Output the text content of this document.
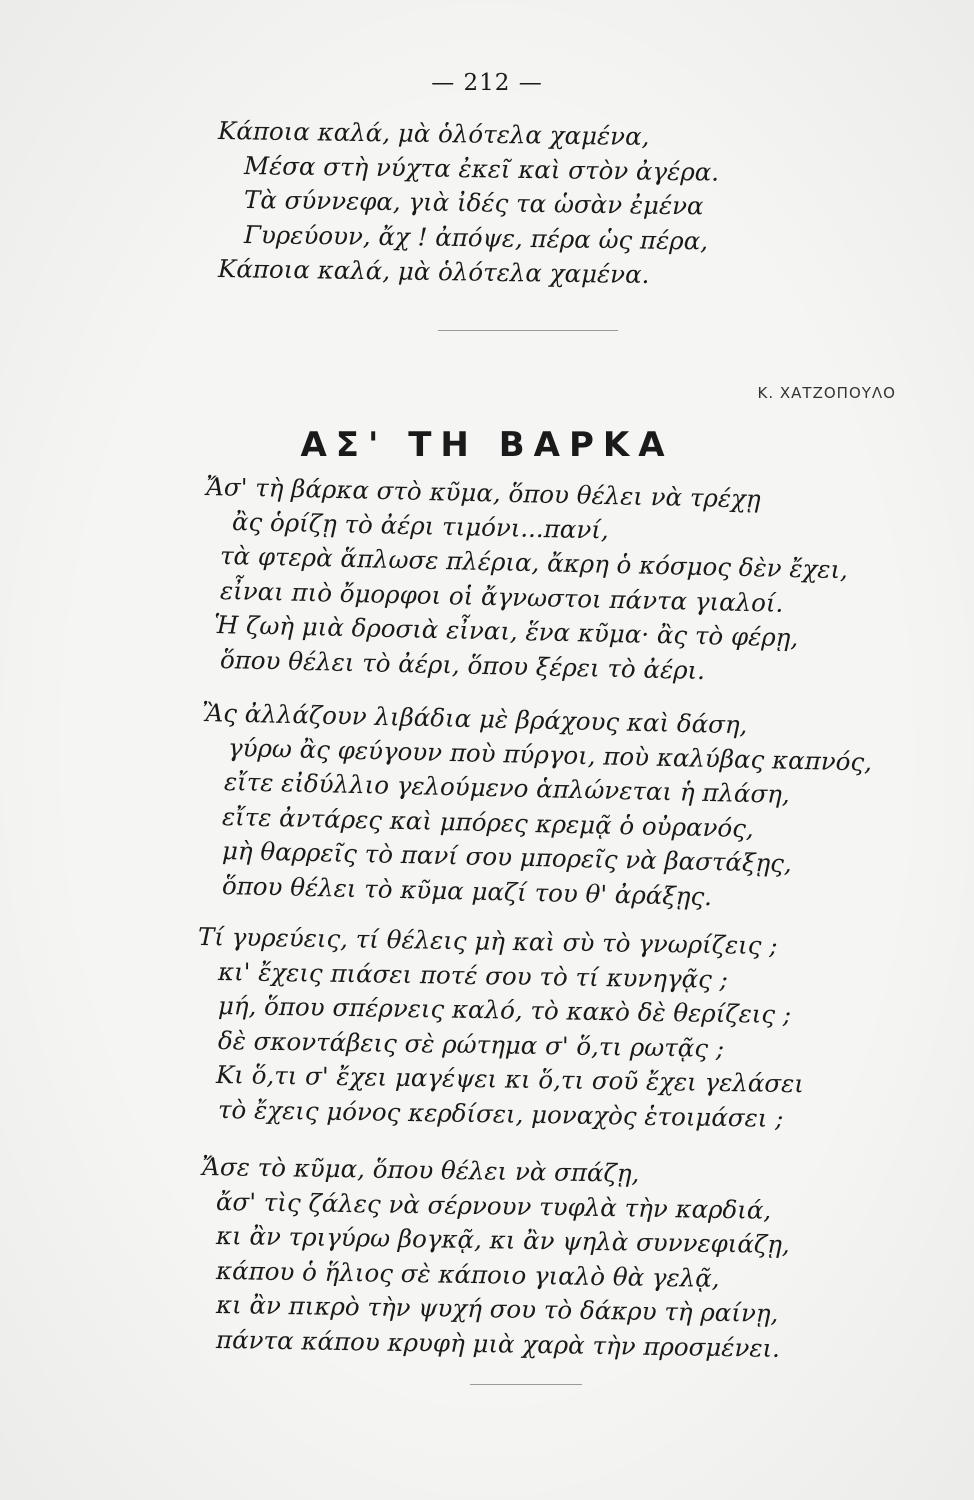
— 212 —
Κάποια καλά, μὰ ὁλότελα χαμένα,
Μέσα στὴ νύχτα ἐκεῖ καὶ στὸν ἀγέρα.
Τὰ σύννεφα, γιὰ ἰδές τα ὡσὰν ἐμένα
Γυρεύουν, ἄχ ! ἀπόψε, πέρα ὡς πέρα,
Κάποια καλά, μὰ ὁλότελα χαμένα.
Κ. ΧΑΤΖΟΠΟΥΛΟ
ΑΣ' ΤΗ ΒΑΡΚΑ
Ἄσ' τὴ βάρκα στὸ κῦμα, ὅπου θέλει νὰ τρέχῃ
ἂς ὁρίζῃ τὸ ἀέρι τιμόνι...πανί,
τὰ φτερὰ ἅπλωσε πλέρια, ἄκρη ὁ κόσμος δὲν ἔχει,
εἶναι πιὸ ὄμορφοι οἱ ἄγνωστοι πάντα γιαλοί.
Ἡ ζωὴ μιὰ δροσιὰ εἶναι, ἕνα κῦμα· ἂς τὸ φέρῃ,
ὅπου θέλει τὸ ἀέρι, ὅπου ξέρει τὸ ἀέρι.
Ἂς ἀλλάζουν λιβάδια μὲ βράχους καὶ δάση,
γύρω ἂς φεύγουν ποὺ πύργοι, ποὺ καλύβας καπνός,
εἴτε εἰδύλλιο γελούμενο ἁπλώνεται ἡ πλάση,
εἴτε ἀντάρες καὶ μπόρες κρεμᾷ ὁ οὐρανός,
μὴ θαρρεῖς τὸ πανί σου μπορεῖς νὰ βαστάξῃς,
ὅπου θέλει τὸ κῦμα μαζί του θ' ἀράξῃς.
Τί γυρεύεις, τί θέλεις μὴ καὶ σὺ τὸ γνωρίζεις ;
κι' ἔχεις πιάσει ποτέ σου τὸ τί κυνηγᾷς ;
μή, ὅπου σπέρνεις καλό, τὸ κακὸ δὲ θερίζεις ;
δὲ σκοντάβεις σὲ ρώτημα σ' ὅ,τι ρωτᾷς ;
Κι ὅ,τι σ' ἔχει μαγέψει κι ὅ,τι σοῦ ἔχει γελάσει
τὸ ἔχεις μόνος κερδίσει, μοναχὸς ἑτοιμάσει ;
Ἄσε τὸ κῦμα, ὅπου θέλει νὰ σπάζῃ,
ἄσ' τὶς ζάλες νὰ σέρνουν τυφλὰ τὴν καρδιά,
κι ἂν τριγύρω βογκᾷ, κι ἂν ψηλὰ συννεφιάζῃ,
κάπου ὁ ἥλιος σὲ κάποιο γιαλὸ θὰ γελᾷ,
κι ἂν πικρὸ τὴν ψυχή σου τὸ δάκρυ τὴ ραίνῃ,
πάντα κάπου κρυφὴ μιὰ χαρὰ τὴν προσμένει.
